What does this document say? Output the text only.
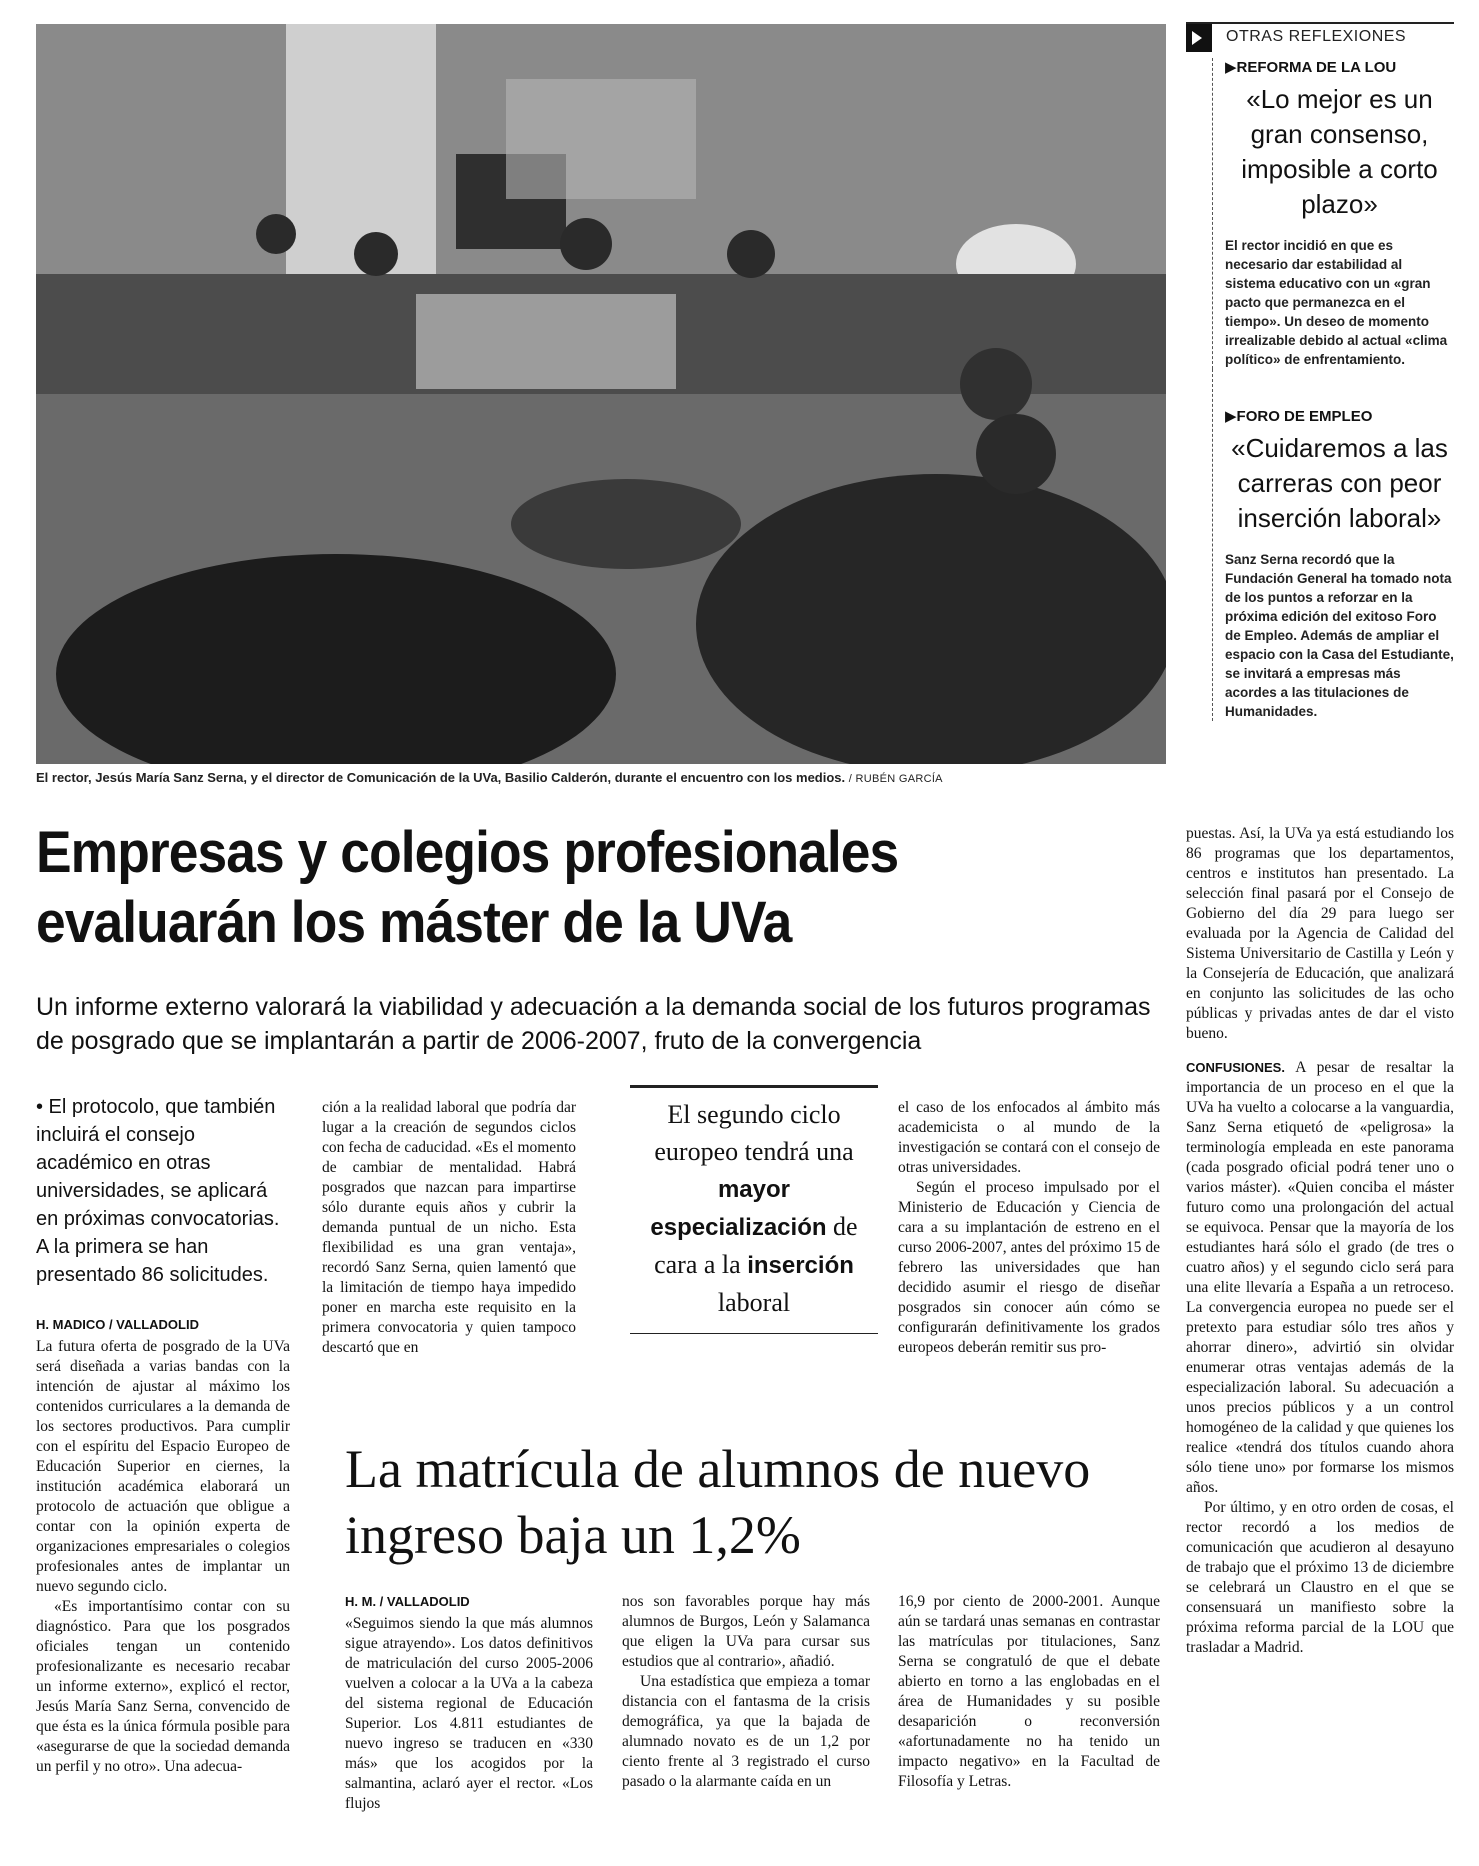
El rector, Jesús María Sanz Serna, y el director de Comunicación de la UVa, Basilio Calderón, durante el encuentro con los medios. / RUBÉN GARCÍA
OTRAS REFLEXIONES
▶REFORMA DE LA LOU
«Lo mejor es un gran consenso, imposible a corto plazo»
El rector incidió en que es necesario dar estabilidad al sistema educativo con un «gran pacto que permanezca en el tiempo». Un deseo de momento irrealizable debido al actual «clima político» de enfrentamiento.
▶FORO DE EMPLEO
«Cuidaremos a las carreras con peor inserción laboral»
Sanz Serna recordó que la Fundación General ha tomado nota de los puntos a reforzar en la próxima edición del exitoso Foro de Empleo. Además de ampliar el espacio con la Casa del Estudiante, se invitará a empresas más acordes a las titulaciones de Humanidades.
Empresas y colegios profesionales evaluarán los máster de la UVa
Un informe externo valorará la viabilidad y adecuación a la demanda social de los futuros programas de posgrado que se implantarán a partir de 2006-2007, fruto de la convergencia
• El protocolo, que también incluirá el consejo académico en otras universidades, se aplicará en próximas convocatorias. A la primera se han presentado 86 solicitudes.
H. MADICO / VALLADOLID

La futura oferta de posgrado de la UVa será diseñada a varias bandas con la intención de ajustar al máximo los contenidos curriculares a la demanda de los sectores productivos. Para cumplir con el espíritu del Espacio Europeo de Educación Superior en ciernes, la institución académica elaborará un protocolo de actuación que obligue a contar con la opinión experta de organizaciones empresariales o colegios profesionales antes de implantar un nuevo segundo ciclo.

«Es importantísimo contar con su diagnóstico. Para que los posgrados oficiales tengan un contenido profesionalizante es necesario recabar un informe externo», explicó el rector, Jesús María Sanz Serna, convencido de que ésta es la única fórmula posible para «asegurarse de que la sociedad demanda un perfil y no otro». Una adecua-

ción a la realidad laboral que podría dar lugar a la creación de segundos ciclos con fecha de caducidad. «Es el momento de cambiar de mentalidad. Habrá posgrados que nazcan para impartirse sólo durante equis años y cubrir la demanda puntual de un nicho. Esta flexibilidad es una gran ventaja», recordó Sanz Serna, quien lamentó que la limitación de tiempo haya impedido poner en marcha este requisito en la primera convocatoria y quien tampoco descartó que en

El segundo ciclo europeo tendrá una mayor especialización de cara a la inserción laboral

el caso de los enfocados al ámbito más academicista o al mundo de la investigación se contará con el consejo de otras universidades.

Según el proceso impulsado por el Ministerio de Educación y Ciencia de cara a su implantación de estreno en el curso 2006-2007, antes del próximo 15 de febrero las universidades que han decidido asumir el riesgo de diseñar posgrados sin conocer aún cómo se configurarán definitivamente los grados europeos deberán remitir sus pro-

puestas. Así, la UVa ya está estudiando los 86 programas que los departamentos, centros e institutos han presentado. La selección final pasará por el Consejo de Gobierno del día 29 para luego ser evaluada por la Agencia de Calidad del Sistema Universitario de Castilla y León y la Consejería de Educación, que analizará en conjunto las solicitudes de las ocho públicas y privadas antes de dar el visto bueno.

CONFUSIONES. A pesar de resaltar la importancia de un proceso en el que la UVa ha vuelto a colocarse a la vanguardia, Sanz Serna etiquetó de «peligrosa» la terminología empleada en este panorama (cada posgrado oficial podrá tener uno o varios máster). «Quien conciba el máster futuro como una prolongación del actual se equivoca. Pensar que la mayoría de los estudiantes hará sólo el grado (de tres o cuatro años) y el segundo ciclo será para una elite llevaría a España a un retroceso. La convergencia europea no puede ser el pretexto para estudiar sólo tres años y ahorrar dinero», advirtió sin olvidar enumerar otras ventajas además de la especialización laboral. Su adecuación a unos precios públicos y a un control homogéneo de la calidad y que quienes los realice «tendrá dos títulos cuando ahora sólo tiene uno» por formarse los mismos años.

Por último, y en otro orden de cosas, el rector recordó a los medios de comunicación que acudieron al desayuno de trabajo que el próximo 13 de diciembre se celebrará un Claustro en el que se consensuará un manifiesto sobre la próxima reforma parcial de la LOU que trasladar a Madrid.

La matrícula de alumnos de nuevo ingreso baja un 1,2%
H. M. / VALLADOLID

«Seguimos siendo la que más alumnos sigue atrayendo». Los datos definitivos de matriculación del curso 2005-2006 vuelven a colocar a la UVa a la cabeza del sistema regional de Educación Superior. Los 4.811 estudiantes de nuevo ingreso se traducen en «330 más» que los acogidos por la salmantina, aclaró ayer el rector. «Los flujos

nos son favorables porque hay más alumnos de Burgos, León y Salamanca que eligen la UVa para cursar sus estudios que al contrario», añadió.

Una estadística que empieza a tomar distancia con el fantasma de la crisis demográfica, ya que la bajada de alumnado novato es de un 1,2 por ciento frente al 3 registrado el curso pasado o la alarmante caída en un

16,9 por ciento de 2000-2001. Aunque aún se tardará unas semanas en contrastar las matrículas por titulaciones, Sanz Serna se congratuló de que el debate abierto en torno a las englobadas en el área de Humanidades y su posible desaparición o reconversión «afortunadamente no ha tenido un impacto negativo» en la Facultad de Filosofía y Letras.
